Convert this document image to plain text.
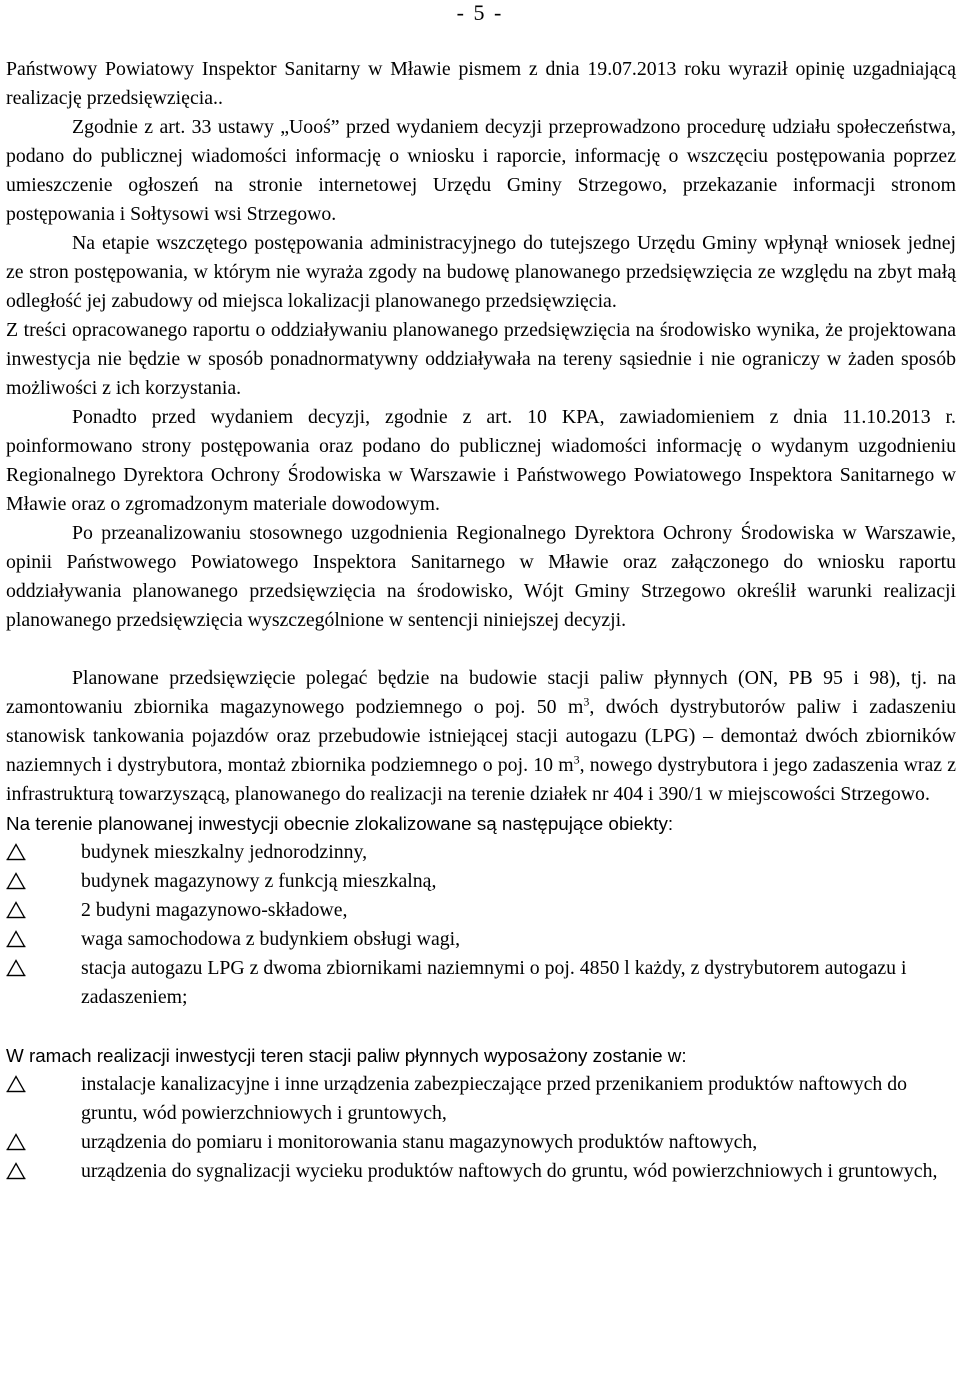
- 5 -

Państwowy Powiatowy Inspektor Sanitarny w Mławie pismem z dnia 19.07.2013 roku wyraził opinię uzgadniającą realizację przedsięwzięcia..

Zgodnie z art. 33 ustawy „Uooś” przed wydaniem decyzji przeprowadzono procedurę udziału społeczeństwa, podano do publicznej wiadomości informację o wniosku i raporcie, informację o wszczęciu postępowania poprzez umieszczenie ogłoszeń na stronie internetowej Urzędu Gminy Strzegowo, przekazanie informacji stronom postępowania i Sołtysowi wsi Strzegowo.

Na etapie wszczętego postępowania administracyjnego do tutejszego Urzędu Gminy wpłynął wniosek jednej ze stron postępowania, w którym nie wyraża zgody na budowę planowanego przedsięwzięcia ze względu na zbyt małą odległość jej zabudowy od miejsca lokalizacji planowanego przedsięwzięcia.

Z treści opracowanego raportu o oddziaływaniu planowanego przedsięwzięcia na środowisko wynika, że projektowana inwestycja nie będzie w sposób ponadnormatywny oddziaływała na tereny sąsiednie i nie ograniczy w żaden sposób możliwości z ich korzystania.

Ponadto przed wydaniem decyzji, zgodnie z art. 10 KPA, zawiadomieniem z dnia 11.10.2013 r. poinformowano strony postępowania oraz podano do publicznej wiadomości informację o wydanym uzgodnieniu Regionalnego Dyrektora Ochrony Środowiska w Warszawie i Państwowego Powiatowego Inspektora Sanitarnego w Mławie oraz o zgromadzonym materiale dowodowym.

Po przeanalizowaniu stosownego uzgodnienia Regionalnego Dyrektora Ochrony Środowiska w Warszawie, opinii Państwowego Powiatowego Inspektora Sanitarnego w Mławie oraz załączonego do wniosku raportu oddziaływania planowanego przedsięwzięcia na środowisko, Wójt Gminy Strzegowo określił warunki realizacji planowanego przedsięwzięcia wyszczególnione w sentencji niniejszej decyzji.

Planowane przedsięwzięcie polegać będzie na budowie stacji paliw płynnych (ON, PB 95 i 98), tj. na zamontowaniu zbiornika magazynowego podziemnego o poj. 50 $m^3$, dwóch dystrybutorów paliw i zadaszeniu stanowisk tankowania pojazdów oraz przebudowie istniejącej stacji autogazu (LPG) – demontaż dwóch zbiorników naziemnych i dystrybutora, montaż zbiornika podziemnego o poj. 10 $m^3$, nowego dystrybutora i jego zadaszenia wraz z infrastrukturą towarzyszącą, planowanego do realizacji na terenie działek nr 404 i 390/1 w miejscowości Strzegowo.

Na terenie planowanej inwestycji obecnie zlokalizowane są następujące obiekty:

budynek mieszkalny jednorodzinny,
budynek magazynowy z funkcją mieszkalną,
2 budyni magazynowo-składowe,
waga samochodowa z budynkiem obsługi wagi,
stacja autogazu LPG z dwoma zbiornikami naziemnymi o poj. 4850 l każdy, z dystrybutorem autogazu i zadaszeniem;

W ramach realizacji inwestycji teren stacji paliw płynnych wyposażony zostanie w:

instalacje kanalizacyjne i inne urządzenia zabezpieczające przed przenikaniem produktów naftowych do gruntu, wód powierzchniowych i gruntowych,
urządzenia do pomiaru i monitorowania stanu magazynowych produktów naftowych,
urządzenia do sygnalizacji wycieku produktów naftowych do gruntu, wód powierzchniowych i gruntowych,
